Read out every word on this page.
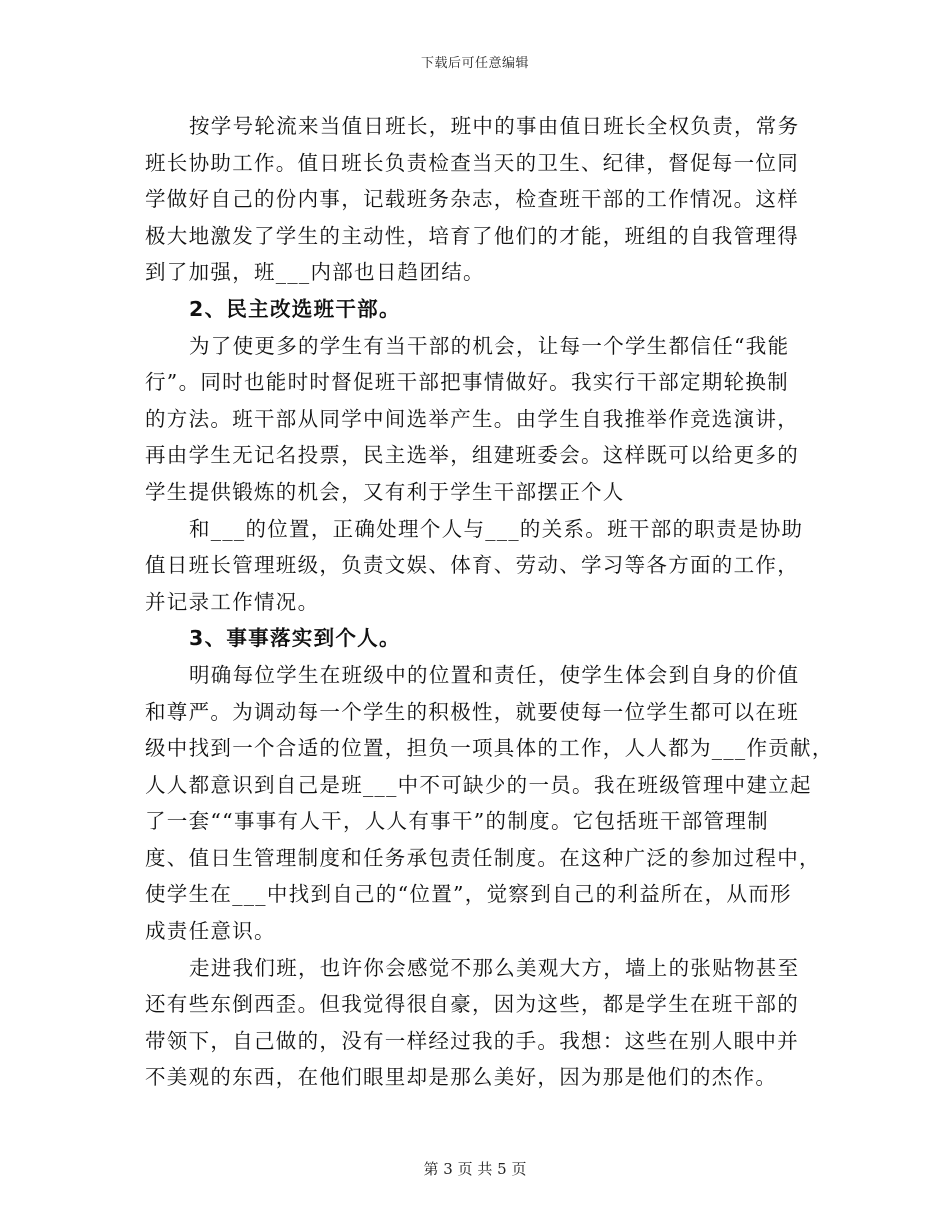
下载后可任意编辑
按学号轮流来当值日班长，班中的事由值日班长全权负责，常务
班长协助工作。值日班长负责检查当天的卫生、纪律，督促每一位同
学做好自己的份内事，记载班务杂志，检查班干部的工作情况。这样
极大地激发了学生的主动性，培育了他们的才能，班组的自我管理得
到了加强，班___内部也日趋团结。
2、民主改选班干部。
为了使更多的学生有当干部的机会，让每一个学生都信任“我能
行”。同时也能时时督促班干部把事情做好。我实行干部定期轮换制
的方法。班干部从同学中间选举产生。由学生自我推举作竞选演讲，
再由学生无记名投票，民主选举，组建班委会。这样既可以给更多的
学生提供锻炼的机会，又有利于学生干部摆正个人
和___的位置，正确处理个人与___的关系。班干部的职责是协助
值日班长管理班级，负责文娱、体育、劳动、学习等各方面的工作，
并记录工作情况。
3、事事落实到个人。
明确每位学生在班级中的位置和责任，使学生体会到自身的价值
和尊严。为调动每一个学生的积极性，就要使每一位学生都可以在班
级中找到一个合适的位置，担负一项具体的工作，人人都为___作贡献，
人人都意识到自己是班___中不可缺少的一员。我在班级管理中建立起
了一套““事事有人干，人人有事干”的制度。它包括班干部管理制
度、值日生管理制度和任务承包责任制度。在这种广泛的参加过程中，
使学生在___中找到自己的“位置”，觉察到自己的利益所在，从而形
成责任意识。
走进我们班，也许你会感觉不那么美观大方，墙上的张贴物甚至
还有些东倒西歪。但我觉得很自豪，因为这些，都是学生在班干部的
带领下，自己做的，没有一样经过我的手。我想：这些在别人眼中并
不美观的东西，在他们眼里却是那么美好，因为那是他们的杰作。
第 3 页 共 5 页
